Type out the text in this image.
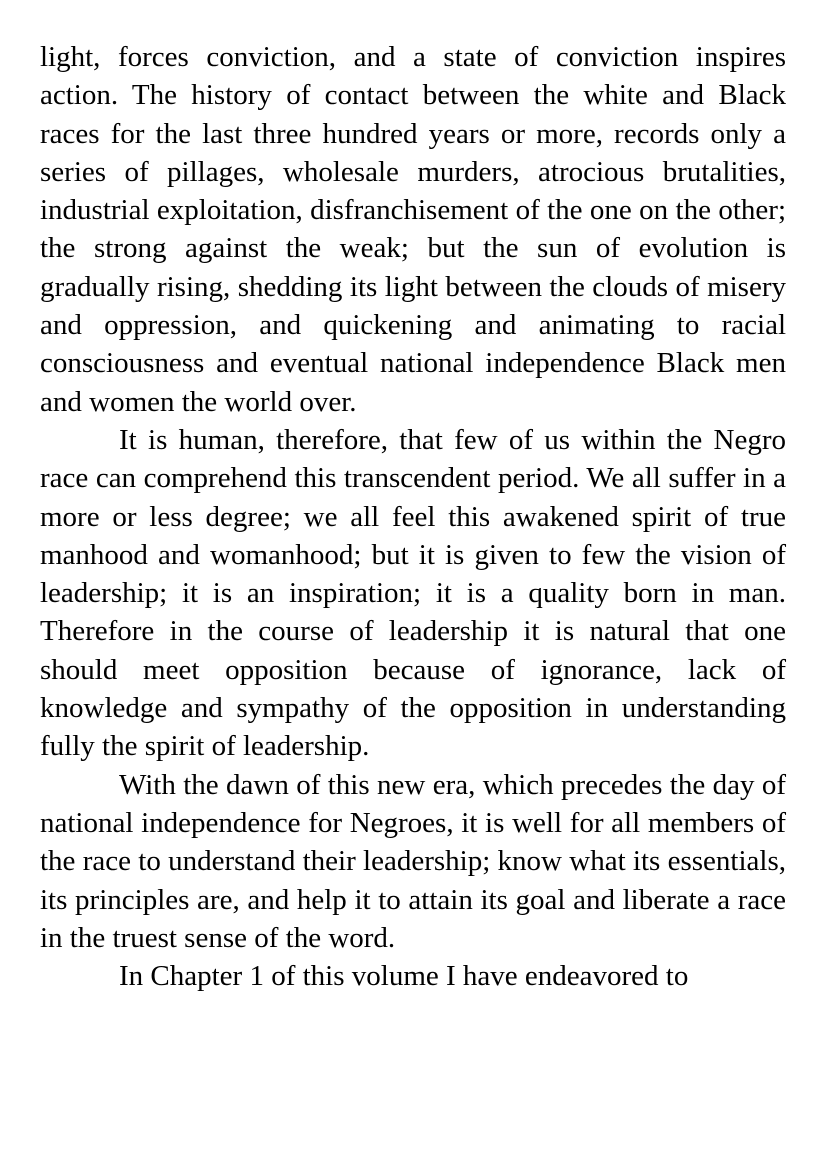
light, forces conviction, and a state of conviction inspires action. The history of contact between the white and Black races for the last three hundred years or more, records only a series of pillages, wholesale murders, atrocious brutalities, industrial exploitation, disfranchisement of the one on the other; the strong against the weak; but the sun of evolution is gradually rising, shedding its light between the clouds of misery and oppression, and quickening and animating to racial consciousness and eventual national independence Black men and women the world over.

It is human, therefore, that few of us within the Negro race can comprehend this transcendent period. We all suffer in a more or less degree; we all feel this awakened spirit of true manhood and womanhood; but it is given to few the vision of leadership; it is an inspiration; it is a quality born in man. Therefore in the course of leadership it is natural that one should meet opposition because of ignorance, lack of knowledge and sympathy of the opposition in understanding fully the spirit of leadership.

With the dawn of this new era, which precedes the day of national independence for Negroes, it is well for all members of the race to understand their leadership; know what its essentials, its principles are, and help it to attain its goal and liberate a race in the truest sense of the word.

In Chapter 1 of this volume I have endeavored to
